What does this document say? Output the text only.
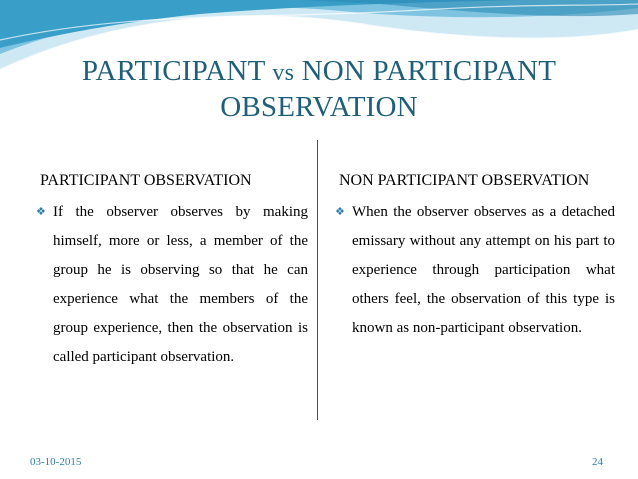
PARTICIPANT vs NON PARTICIPANT
OBSERVATION
PARTICIPANT OBSERVATION
❖ If the observer observes by making himself, more or less, a member of the group he is observing so that he can experience what the members of the group experience, then the observation is called participant observation.
NON PARTICIPANT OBSERVATION
❖ When the observer observes as a detached emissary without any attempt on his part to experience through participation what others feel, the observation of this type is known as non-participant observation.
03-10-2015	24
